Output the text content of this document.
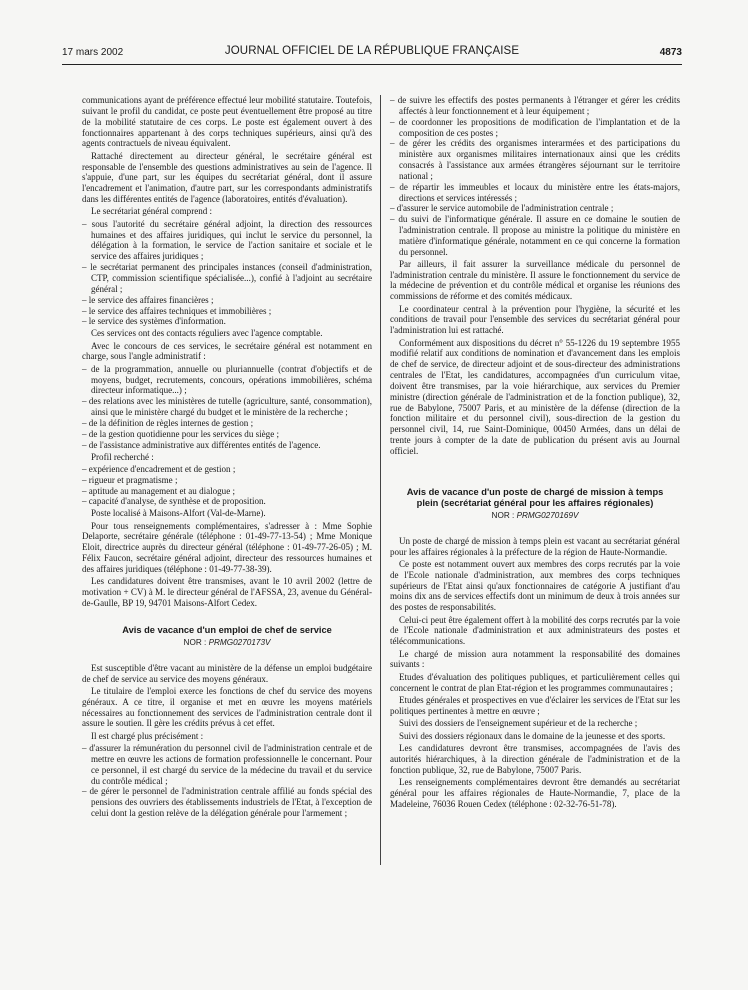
17 mars 2002	JOURNAL OFFICIEL DE LA RÉPUBLIQUE FRANÇAISE	4873

communications ayant de préférence effectué leur mobilité statutaire. Toutefois, suivant le profil du candidat, ce poste peut éventuellement être proposé au titre de la mobilité statutaire de ces corps. Le poste est également ouvert à des fonctionnaires appartenant à des corps techniques supérieurs, ainsi qu'à des agents contractuels de niveau équivalent.

Rattaché directement au directeur général, le secrétaire général est responsable de l'ensemble des questions administratives au sein de l'agence. Il s'appuie, d'une part, sur les équipes du secrétariat général, dont il assure l'encadrement et l'animation, d'autre part, sur les correspondants administratifs dans les différentes entités de l'agence (laboratoires, entités d'évaluation).

Le secrétariat général comprend :

– sous l'autorité du secrétaire général adjoint, la direction des ressources humaines et des affaires juridiques, qui inclut le service du personnel, la délégation à la formation, le service de l'action sanitaire et sociale et le service des affaires juridiques ;
– le secrétariat permanent des principales instances (conseil d'administration, CTP, commission scientifique spécialisée...), confié à l'adjoint au secrétaire général ;
– le service des affaires financières ;
– le service des affaires techniques et immobilières ;
– le service des systèmes d'information.

Ces services ont des contacts réguliers avec l'agence comptable.

Avec le concours de ces services, le secrétaire général est notamment en charge, sous l'angle administratif :

– de la programmation, annuelle ou pluriannuelle (contrat d'objectifs et de moyens, budget, recrutements, concours, opérations immobilières, schéma directeur informatique...) ;
– des relations avec les ministères de tutelle (agriculture, santé, consommation), ainsi que le ministère chargé du budget et le ministère de la recherche ;
– de la définition de règles internes de gestion ;
– de la gestion quotidienne pour les services du siège ;
– de l'assistance administrative aux différentes entités de l'agence.

Profil recherché :

– expérience d'encadrement et de gestion ;
– rigueur et pragmatisme ;
– aptitude au management et au dialogue ;
– capacité d'analyse, de synthèse et de proposition.

Poste localisé à Maisons-Alfort (Val-de-Marne).

Pour tous renseignements complémentaires, s'adresser à : Mme Sophie Delaporte, secrétaire générale (téléphone : 01-49-77-13-54) ; Mme Monique Eloit, directrice auprès du directeur général (téléphone : 01-49-77-26-05) ; M. Félix Faucon, secrétaire général adjoint, directeur des ressources humaines et des affaires juridiques (téléphone : 01-49-77-38-39).

Les candidatures doivent être transmises, avant le 10 avril 2002 (lettre de motivation + CV) à M. le directeur général de l'AFSSA, 23, avenue du Général-de-Gaulle, BP 19, 94701 Maisons-Alfort Cedex.

Avis de vacance d'un emploi de chef de service
NOR : PRMG0270173V

Est susceptible d'être vacant au ministère de la défense un emploi budgétaire de chef de service au service des moyens généraux.

Le titulaire de l'emploi exerce les fonctions de chef du service des moyens généraux. A ce titre, il organise et met en œuvre les moyens matériels nécessaires au fonctionnement des services de l'administration centrale dont il assure le soutien. Il gère les crédits prévus à cet effet.

Il est chargé plus précisément :

– d'assurer la rémunération du personnel civil de l'administration centrale et de mettre en œuvre les actions de formation professionnelle le concernant. Pour ce personnel, il est chargé du service de la médecine du travail et du service du contrôle médical ;
– de gérer le personnel de l'administration centrale affilié au fonds spécial des pensions des ouvriers des établissements industriels de l'Etat, à l'exception de celui dont la gestion relève de la délégation générale pour l'armement ;
– de suivre les effectifs des postes permanents à l'étranger et gérer les crédits affectés à leur fonctionnement et à leur équipement ;
– de coordonner les propositions de modification de l'implantation et de la composition de ces postes ;
– de gérer les crédits des organismes interarmées et des participations du ministère aux organismes militaires internationaux ainsi que les crédits consacrés à l'assistance aux armées étrangères séjournant sur le territoire national ;
– de répartir les immeubles et locaux du ministère entre les états-majors, directions et services intéressés ;
– d'assurer le service automobile de l'administration centrale ;
– du suivi de l'informatique générale. Il assure en ce domaine le soutien de l'administration centrale. Il propose au ministre la politique du ministère en matière d'informatique générale, notamment en ce qui concerne la formation du personnel.

Par ailleurs, il fait assurer la surveillance médicale du personnel de l'administration centrale du ministère. Il assure le fonctionnement du service de la médecine de prévention et du contrôle médical et organise les réunions des commissions de réforme et des comités médicaux.

Le coordinateur central à la prévention pour l'hygiène, la sécurité et les conditions de travail pour l'ensemble des services du secrétariat général pour l'administration lui est rattaché.

Conformément aux dispositions du décret n° 55-1226 du 19 septembre 1955 modifié relatif aux conditions de nomination et d'avancement dans les emplois de chef de service, de directeur adjoint et de sous-directeur des administrations centrales de l'Etat, les candidatures, accompagnées d'un curriculum vitae, doivent être transmises, par la voie hiérarchique, aux services du Premier ministre (direction générale de l'administration et de la fonction publique), 32, rue de Babylone, 75007 Paris, et au ministère de la défense (direction de la fonction militaire et du personnel civil), sous-direction de la gestion du personnel civil, 14, rue Saint-Dominique, 00450 Armées, dans un délai de trente jours à compter de la date de publication du présent avis au Journal officiel.

Avis de vacance d'un poste de chargé de mission à temps plein (secrétariat général pour les affaires régionales)
NOR : PRMG0270169V

Un poste de chargé de mission à temps plein est vacant au secrétariat général pour les affaires régionales à la préfecture de la région de Haute-Normandie.

Ce poste est notamment ouvert aux membres des corps recrutés par la voie de l'Ecole nationale d'administration, aux membres des corps techniques supérieurs de l'Etat ainsi qu'aux fonctionnaires de catégorie A justifiant d'au moins dix ans de services effectifs dont un minimum de deux à trois années sur des postes de responsabilités.

Celui-ci peut être également offert à la mobilité des corps recrutés par la voie de l'Ecole nationale d'administration et aux administrateurs des postes et télécommunications.

Le chargé de mission aura notamment la responsabilité des domaines suivants :

Etudes d'évaluation des politiques publiques, et particulièrement celles qui concernent le contrat de plan Etat-région et les programmes communautaires ;

Etudes générales et prospectives en vue d'éclairer les services de l'Etat sur les politiques pertinentes à mettre en œuvre ;

Suivi des dossiers de l'enseignement supérieur et de la recherche ;

Suivi des dossiers régionaux dans le domaine de la jeunesse et des sports.

Les candidatures devront être transmises, accompagnées de l'avis des autorités hiérarchiques, à la direction générale de l'administration et de la fonction publique, 32, rue de Babylone, 75007 Paris.

Les renseignements complémentaires devront être demandés au secrétariat général pour les affaires régionales de Haute-Normandie, 7, place de la Madeleine, 76036 Rouen Cedex (téléphone : 02-32-76-51-78).
